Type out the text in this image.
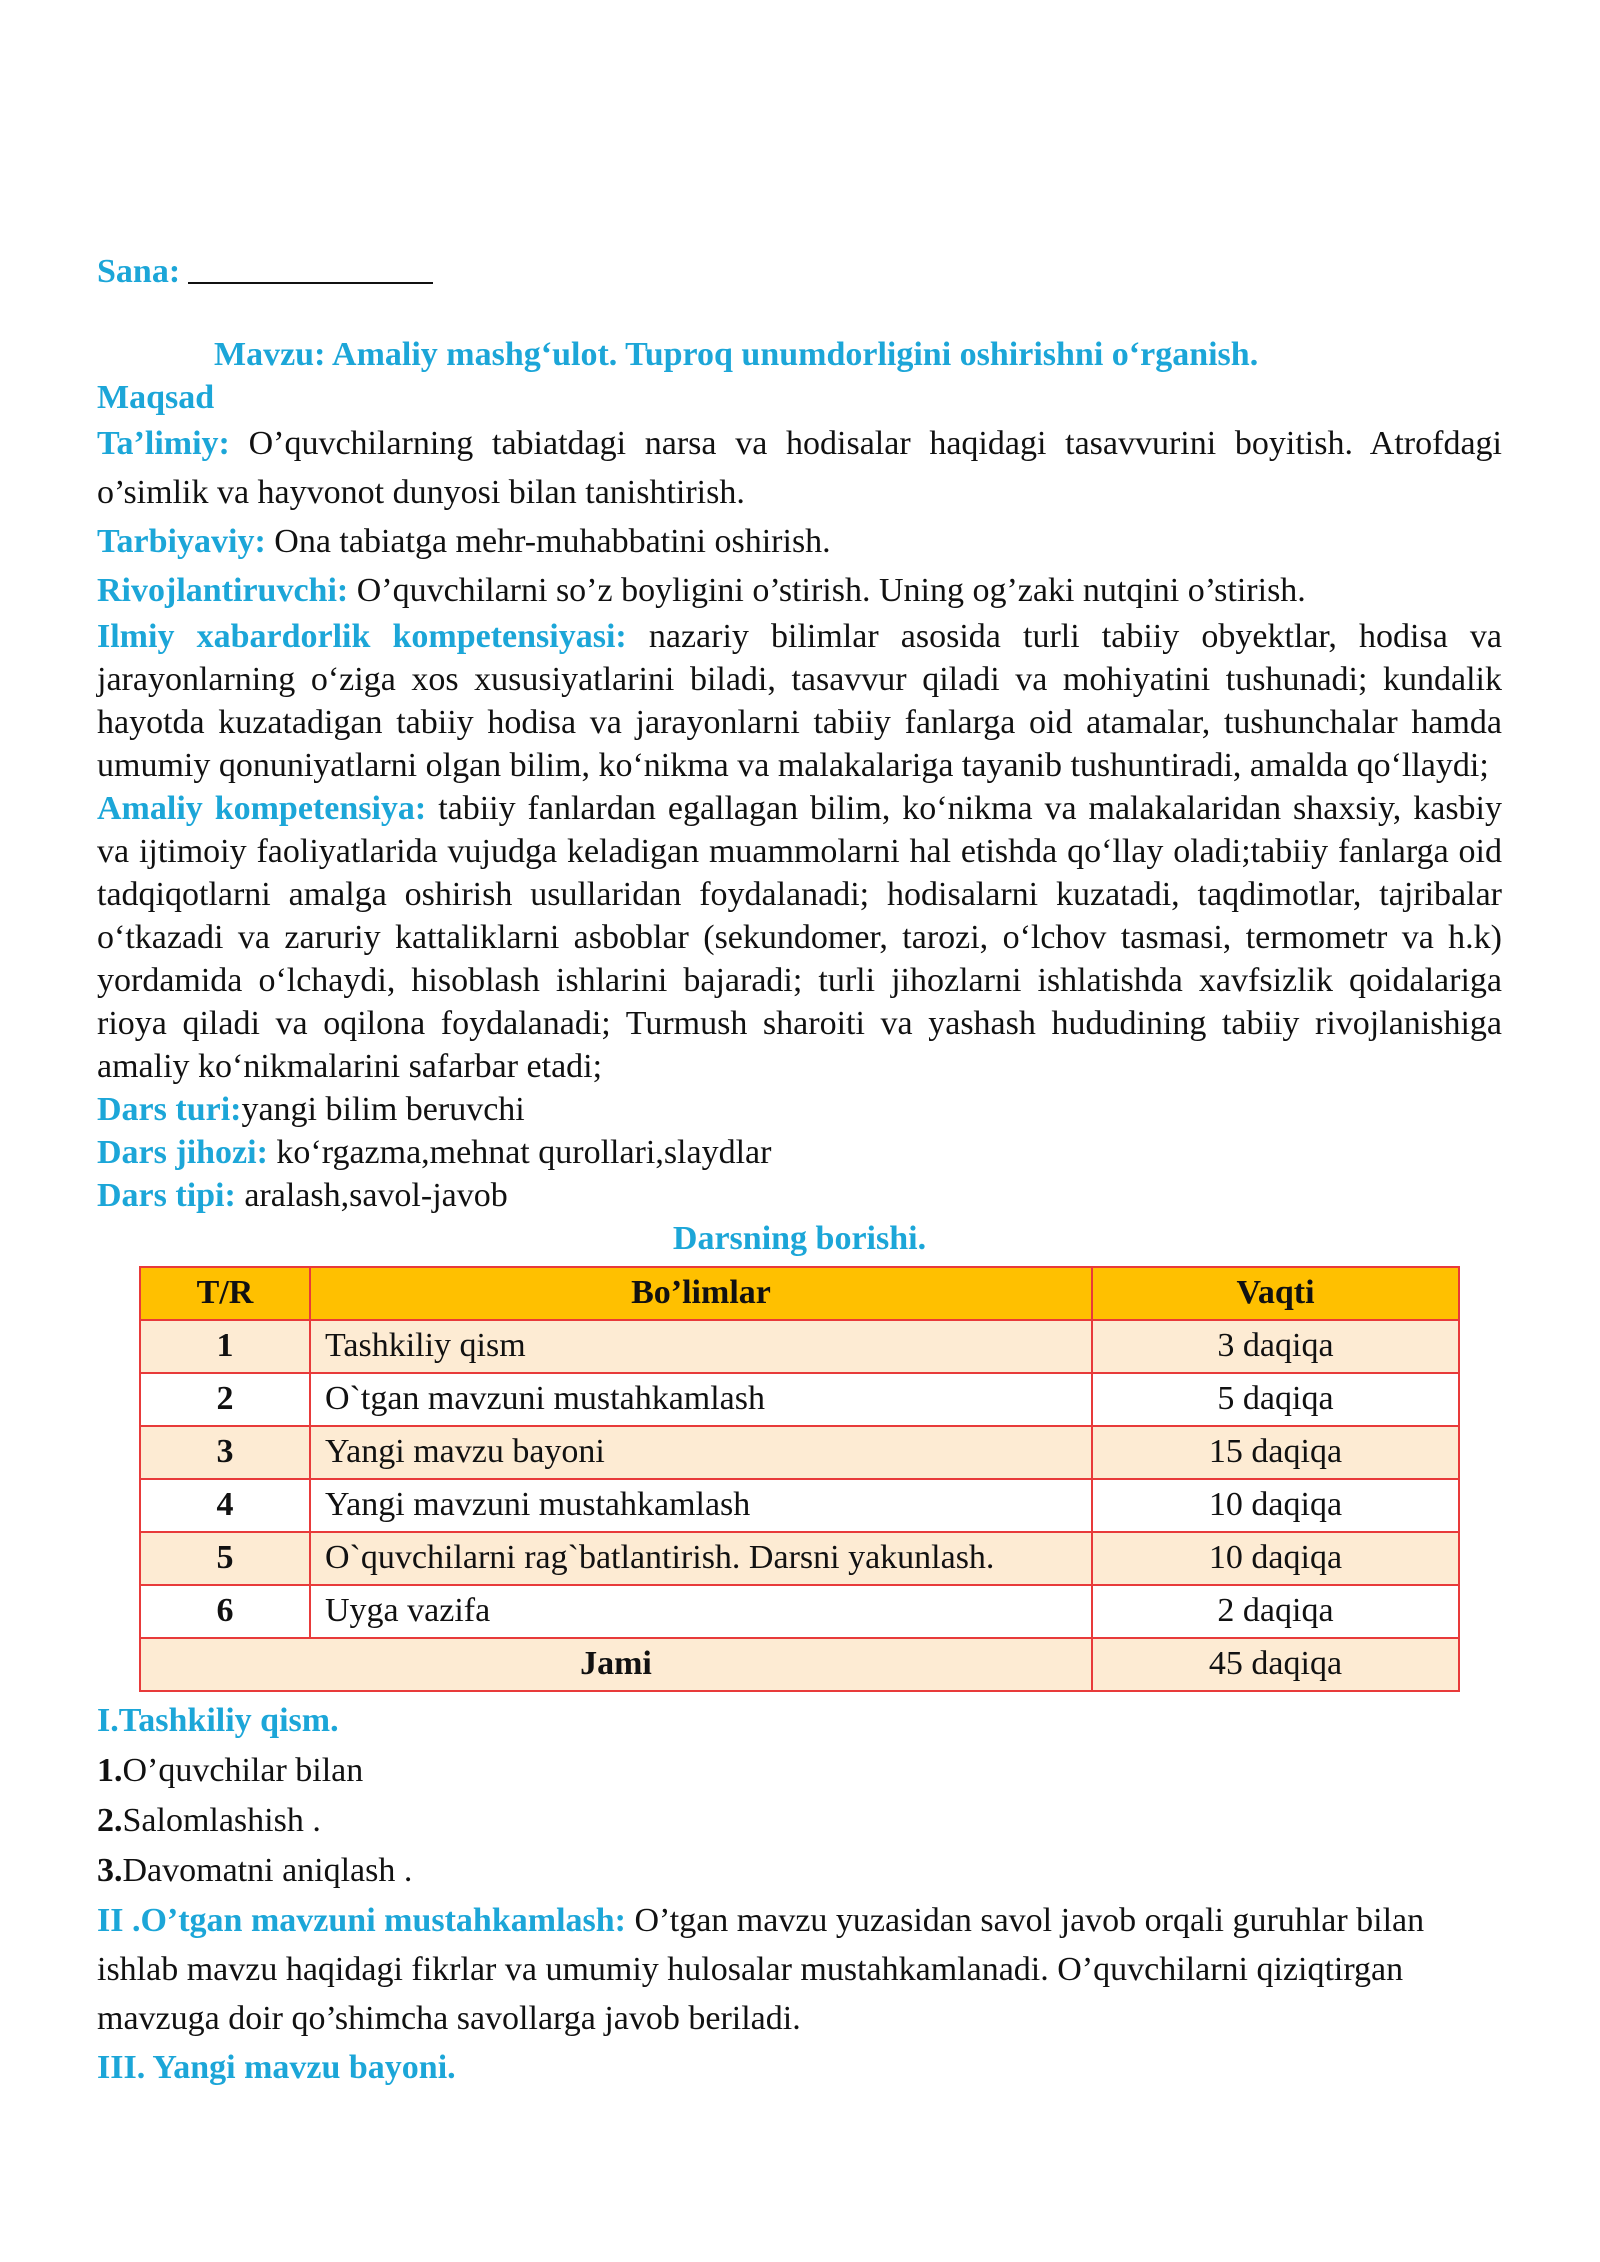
Sana:

Mavzu: Amaliy mashg‘ulot. Tuproq unumdorligini oshirishni o‘rganish.

Maqsad

Ta’limiy: O’quvchilarning tabiatdagi narsa va hodisalar haqidagi tasavvurini boyitish. Atrofdagi o’simlik va hayvonot dunyosi bilan tanishtirish.

Tarbiyaviy: Ona tabiatga mehr-muhabbatini oshirish.

Rivojlantiruvchi: O’quvchilarni so’z boyligini o’stirish. Uning og’zaki nutqini o’stirish.

Ilmiy xabardorlik kompetensiyasi: nazariy bilimlar asosida turli tabiiy obyektlar, hodisa va jarayonlarning o‘ziga xos xususiyatlarini biladi, tasavvur qiladi va mohiyatini tushunadi; kundalik hayotda kuzatadigan tabiiy hodisa va jarayonlarni tabiiy fanlarga oid atamalar, tushunchalar hamda umumiy qonuniyatlarni olgan bilim, ko‘nikma va malakalariga tayanib tushuntiradi, amalda qo‘llaydi;

Amaliy kompetensiya: tabiiy fanlardan egallagan bilim, ko‘nikma va malakalaridan shaxsiy, kasbiy va ijtimoiy faoliyatlarida vujudga keladigan muammolarni hal etishda qo‘llay oladi;tabiiy fanlarga oid tadqiqotlarni amalga oshirish usullaridan foydalanadi; hodisalarni kuzatadi, taqdimotlar, tajribalar o‘tkazadi va zaruriy kattaliklarni asboblar (sekundomer, tarozi, o‘lchov tasmasi, termometr va h.k) yordamida o‘lchaydi, hisoblash ishlarini bajaradi; turli jihozlarni ishlatishda xavfsizlik qoidalariga rioya qiladi va oqilona foydalanadi; Turmush sharoiti va yashash hududining tabiiy rivojlanishiga amaliy ko‘nikmalarini safarbar etadi;

Dars turi:yangi bilim beruvchi

Dars jihozi: ko‘rgazma,mehnat qurollari,slaydlar

Dars tipi: aralash,savol-javob

Darsning borishi.

T/R	Bo’limlar	Vaqti
1	Tashkiliy qism	3 daqiqa
2	O`tgan mavzuni mustahkamlash	5 daqiqa
3	Yangi mavzu bayoni	15 daqiqa
4	Yangi mavzuni mustahkamlash	10 daqiqa
5	O`quvchilarni rag`batlantirish. Darsni yakunlash.	10 daqiqa
6	Uyga vazifa	2 daqiqa
Jami		45 daqiqa

I.Tashkiliy qism.

1.O’quvchilar bilan

2.Salomlashish .

3.Davomatni aniqlash .

II .O’tgan mavzuni mustahkamlash: O’tgan mavzu yuzasidan savol javob orqali guruhlar bilan ishlab mavzu haqidagi fikrlar va umumiy hulosalar mustahkamlanadi. O’quvchilarni qiziqtirgan mavzuga doir qo’shimcha savollarga javob beriladi.

III. Yangi mavzu bayoni.
